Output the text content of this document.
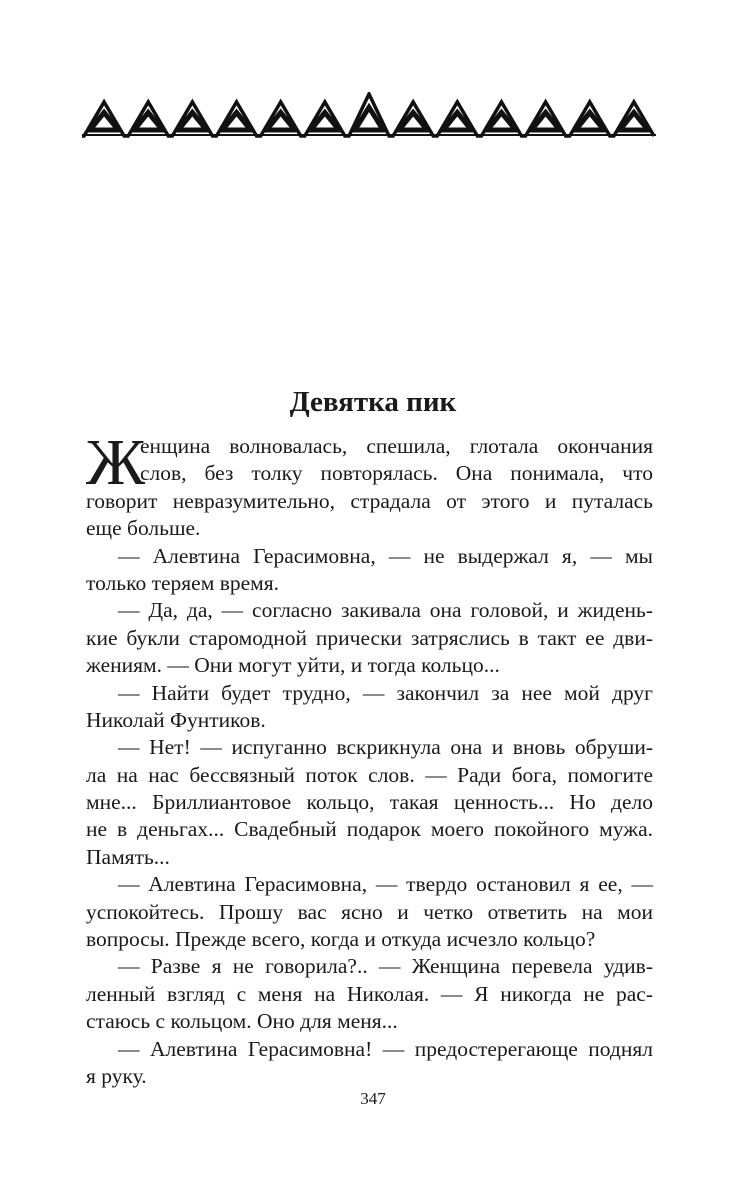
Девятка пик
Ж
енщина волновалась, спешила, глотала окончания
слов, без толку повторялась. Она понимала, что
говорит невразумительно, страдала от этого и путалась
еще больше.
— Алевтина Герасимовна, — не выдержал я, — мы
только теряем время.
— Да, да, — согласно закивала она головой, и жидень-
кие букли старомодной прически затряслись в такт ее дви-
жениям. — Они могут уйти, и тогда кольцо...
— Найти будет трудно, — закончил за нее мой друг
Николай Фунтиков.
— Нет! — испуганно вскрикнула она и вновь обруши-
ла на нас бессвязный поток слов. — Ради бога, помогите
мне... Бриллиантовое кольцо, такая ценность... Но дело
не в деньгах... Свадебный подарок моего покойного мужа.
Память...
— Алевтина Герасимовна, — твердо остановил я ее, —
успокойтесь. Прошу вас ясно и четко ответить на мои
вопросы. Прежде всего, когда и откуда исчезло кольцо?
— Разве я не говорила?.. — Женщина перевела удив-
ленный взгляд с меня на Николая. — Я никогда не рас-
стаюсь с кольцом. Оно для меня...
— Алевтина Герасимовна! — предостерегающе поднял
я руку.
347
